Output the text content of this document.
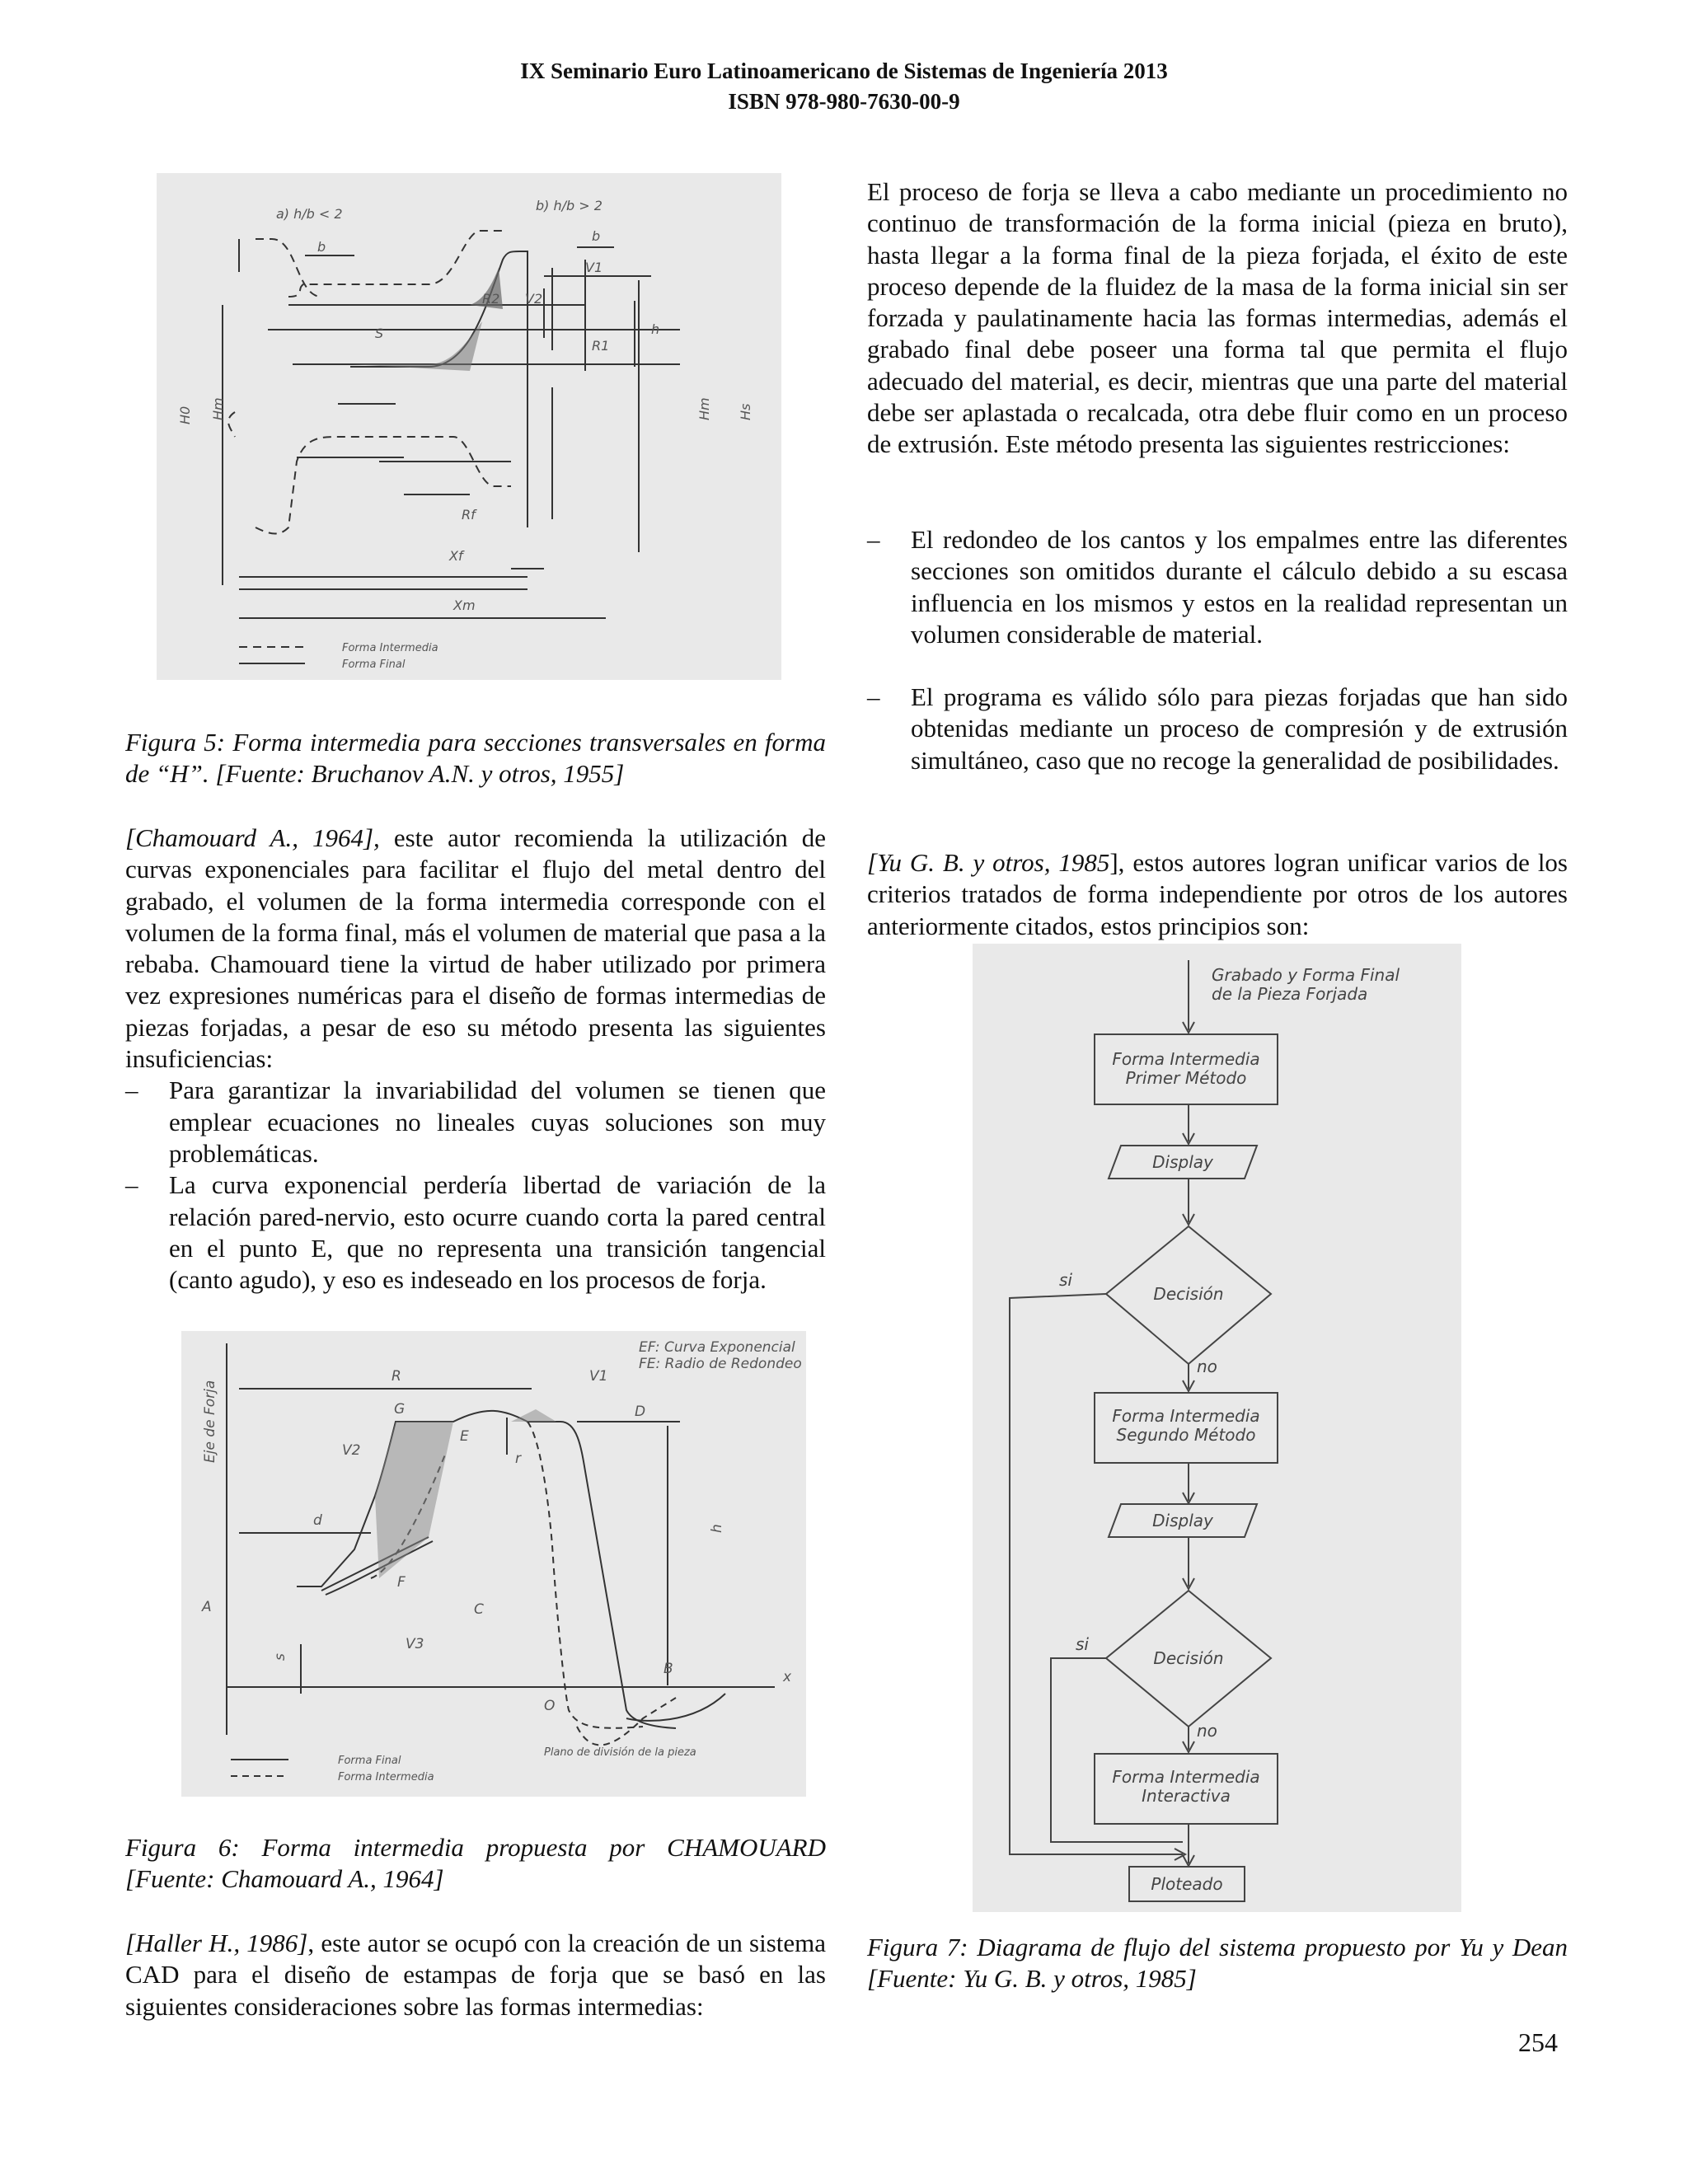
IX Seminario Euro Latinoamericano de Sistemas de Ingeniería 2013
ISBN 978-980-7630-00-9
a) h/b < 2
b) h/b > 2
b
b
V1
V2
R2
R1
Rf
Xf
Xm
S	h
H0 Hm	Hm Hs
Forma Intermedia
Forma Final

Figura 5: Forma intermedia para secciones transversales en forma de “H”. [Fuente: Bruchanov A.N. y otros, 1955]

[Chamouard A., 1964], este autor recomienda la utilización de curvas exponenciales para facilitar el flujo del metal dentro del grabado, el volumen de la forma intermedia corresponde con el volumen de la forma final, más el volumen de material que pasa a la rebaba. Chamouard tiene la virtud de haber utilizado por primera vez expresiones numéricas para el diseño de formas intermedias de piezas forjadas, a pesar de eso su método presenta las siguientes insuficiencias:

– Para garantizar la invariabilidad del volumen se tienen que emplear ecuaciones no lineales cuyas soluciones son muy problemáticas.
– La curva exponencial perdería libertad de variación de la relación pared-nervio, esto ocurre cuando corta la pared central en el punto E, que no representa una transición tangencial (canto agudo), y eso es indeseado en los procesos de forja.
EF: Curva Exponencial
FE: Radio de Redondeo
R
d
V1
V2
V3
G
E
D
F
C
A
B
O
x
r
h
s
Eje de Forja
Plano de división de la pieza
Forma Final
Forma Intermedia

Figura 6: Forma intermedia propuesta por CHAMOUARD [Fuente: Chamouard A., 1964]

[Haller H., 1986], este autor se ocupó con la creación de un sistema CAD para el diseño de estampas de forja que se basó en las siguientes consideraciones sobre las formas intermedias:

El proceso de forja se lleva a cabo mediante un procedimiento no continuo de transformación de la forma inicial (pieza en bruto), hasta llegar a la forma final de la pieza forjada, el éxito de este proceso depende de la fluidez de la masa de la forma inicial sin ser forzada y paulatinamente hacia las formas intermedias, además el grabado final debe poseer una forma tal que permita el flujo adecuado del material, es decir, mientras que una parte del material debe ser aplastada o recalcada, otra debe fluir como en un proceso de extrusión. Este método presenta las siguientes restricciones:

– El redondeo de los cantos y los empalmes entre las diferentes secciones son omitidos durante el cálculo debido a su escasa influencia en los mismos y estos en la realidad representan un volumen considerable de material.
– El programa es válido sólo para piezas forjadas que han sido obtenidas mediante un proceso de compresión y de extrusión simultáneo, caso que no recoge la generalidad de posibilidades.

[Yu G. B. y otros, 1985], estos autores logran unificar varios de los criterios tratados de forma independiente por otros de los autores anteriormente citados, estos principios son:

Grabado y Forma Final
de la Pieza Forjada
Forma Intermedia
Primer Método
Display
Decisión
Forma Intermedia
Segundo Método
Display
Decisión
Forma Intermedia
Interactiva
Ploteado
si
no
si
no

Figura 7: Diagrama de flujo del sistema propuesto por Yu y Dean [Fuente: Yu G. B. y otros, 1985]

254
